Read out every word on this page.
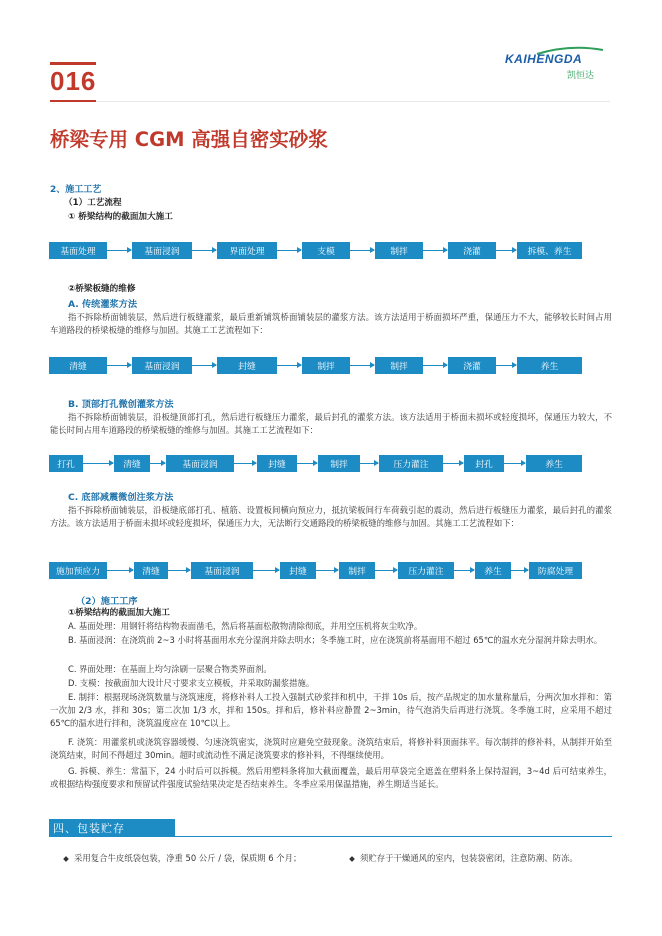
016
KAIHENGDA
凯恒达
桥梁专用 CGM 高强自密实砂浆
2、施工工艺
（1）工艺流程
① 桥梁结构的截面加大施工
基面处理	基面浸润	界面处理	支模	制拌	浇灌	拆模、养生
②桥梁板缝的维修
A. 传统灌浆方法
指不拆除桥面铺装层，然后进行板缝灌浆，最后重新铺筑桥面铺装层的灌浆方法。该方法适用于桥面损坏严重，保通压力不大，能够较长时间占用车道路段的桥梁板缝的维修与加固。其施工工艺流程如下：
清缝	基面浸润	封缝	制拌	制拌	浇灌	养生
B. 顶部打孔微创灌浆方法
指不拆除桥面铺装层，沿板缝顶部打孔，然后进行板缝压力灌浆，最后封孔的灌浆方法。该方法适用于桥面未损坏或轻度损坏，保通压力较大，不能长时间占用车道路段的桥梁板缝的维修与加固。其施工工艺流程如下：
打孔	清缝	基面浸润	封缝	制拌	压力灌注	封孔	养生
C. 底部减震微创注浆方法
指不拆除桥面铺装层，沿板缝底部打孔、植筋、设置板间横向预应力，抵抗梁板间行车荷载引起的震动，然后进行板缝压力灌浆，最后封孔的灌浆方法。该方法适用于桥面未损坏或轻度损坏，保通压力大，无法断行交通路段的桥梁板缝的维修与加固。其施工工艺流程如下：
施加预应力	清缝	基面浸润	封缝	制拌	压力灌注	养生	防腐处理
（2）施工工序
①桥梁结构的截面加大施工
A. 基面处理：用钢钎将结构物表面凿毛，然后将基面松散物清除彻底，并用空压机将灰尘吹净。
B. 基面浸润：在浇筑前 2~3 小时将基面用水充分湿润并除去明水；冬季施工时，应在浇筑前将基面用不超过 65℃的温水充分湿润并除去明水。
C. 界面处理：在基面上均匀涂刷一层聚合物类界面剂。
D. 支模：按截面加大设计尺寸要求支立模板，并采取防漏浆措施。
E. 制拌：根据现场浇筑数量与浇筑速度，将修补料人工投入强制式砂浆拌和机中，干拌 10s 后，按产品规定的加水量称量后，分两次加水拌和：第一次加 2/3 水，拌和 30s；第二次加 1/3 水，拌和 150s。拌和后，修补料应静置 2~3min，待气泡消失后再进行浇筑。冬季施工时，应采用不超过 65℃的温水进行拌和，浇筑温度应在 10℃以上。
F. 浇筑：用灌浆机或浇筑容器缓慢、匀速浇筑密实，浇筑时应避免空鼓现象。浇筑结束后，将修补料顶面抹平。每次制拌的修补料，从制拌开始至浇筑结束，时间不得超过 30min。超时或流动性不满足浇筑要求的修补料，不得继续使用。
G. 拆模、养生：常温下，24 小时后可以拆模。然后用塑料条将加大截面覆盖，最后用草袋完全遮盖在塑料条上保持湿润，3~4d 后可结束养生，或根据结构强度要求和预留试件强度试验结果决定是否结束养生。冬季应采用保温措施，养生期适当延长。
四、包装贮存
采用复合牛皮纸袋包装，净重 50 公斤 / 袋，保质期 6 个月；	须贮存于干燥通风的室内，包装袋密闭，注意防潮、防冻。
